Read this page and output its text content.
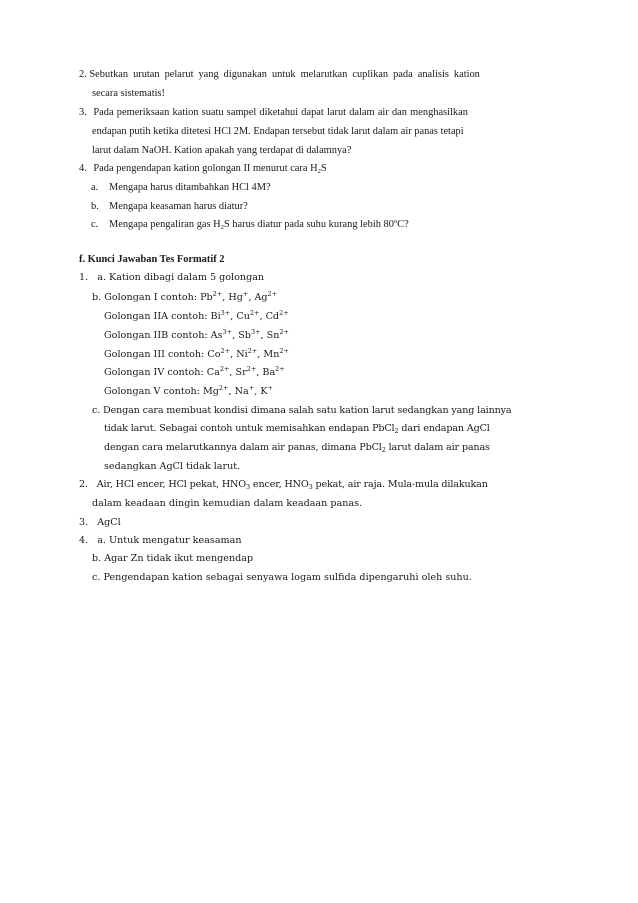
2. Sebutkan urutan pelarut yang digunakan untuk melarutkan cuplikan pada analisis kation
secara sistematis!
3. Pada pemeriksaan kation suatu sampel diketahui dapat larut dalam air dan menghasilkan
endapan putih ketika ditetesi HCl 2M. Endapan tersebut tidak larut dalam air panas tetapi
larut dalam NaOH. Kation apakah yang terdapat di dalamnya?
4. Pada pengendapan kation golongan II menurut cara $H_2S$
a. Mengapa harus ditambahkan HCl 4M?
b. Mengapa keasaman harus diatur?
c. Mengapa pengaliran gas $H_2S$ harus diatur pada suhu kurang lebih 80$^o$C?
f. Kunci Jawaban Tes Formatif 2
1. a. Kation dibagi dalam 5 golongan
b. Golongan I contoh: $Pb^{2+}$, Hg+, $Ag^{2+}$
Golongan IIA contoh: $Bi^{3+}$, $Cu^{2+}$, $Cd^{2+}$
Golongan IIB contoh: $As^{3+}$, $Sb^{3+}$, $Sn^{2+}$
Golongan III contoh: $Co^{2+}$, $Ni^{2+}$, $Mn^{2+}$
Golongan IV contoh: $Ca^{2+}$, $Sr^{2+}$, $Ba^{2+}$
Golongan V contoh: $Mg^{2+}$, Na+, K+
c. Dengan cara membuat kondisi dimana salah satu kation larut sedangkan yang lainnya
tidak larut. Sebagai contoh untuk memisahkan endapan PbCl$_2$ dari endapan AgCl
dengan cara melarutkannya dalam air panas, dimana PbCl$_2$ larut dalam air panas
sedangkan AgCl tidak larut.
2. Air, HCl encer, HCl pekat, $HNO_3$ encer, $HNO_3$ pekat, air raja. Mula-mula dilakukan
dalam keadaan dingin kemudian dalam keadaan panas.
3. AgCl
4. a. Untuk mengatur keasaman
b. Agar Zn tidak ikut mengendap
c. Pengendapan kation sebagai senyawa logam sulfida dipengaruhi oleh suhu.
